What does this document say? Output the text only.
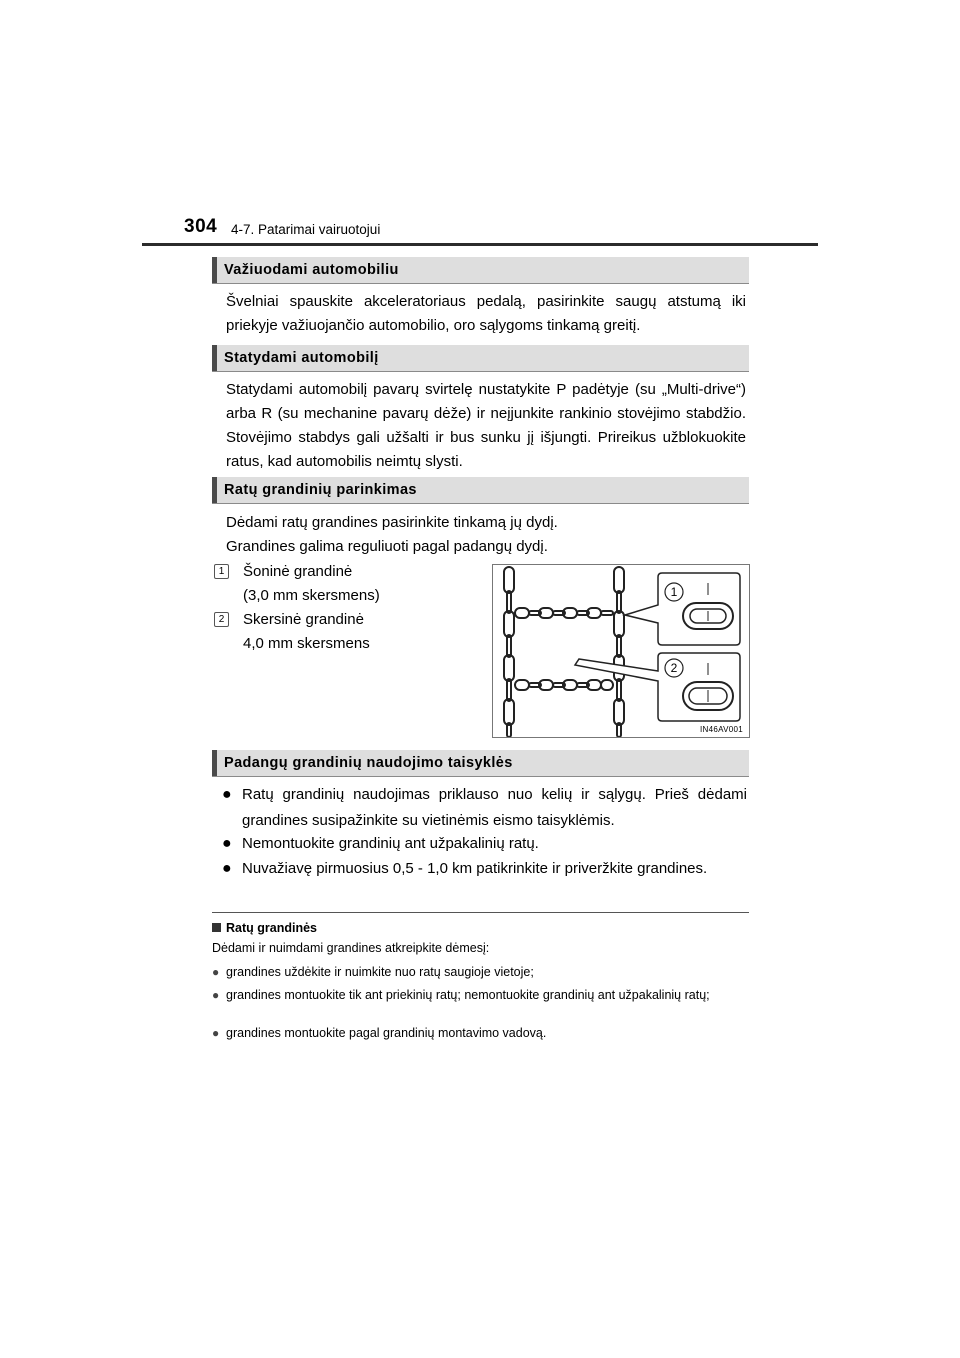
304 4-7. Patarimai vairuotojui
Važiuodami automobiliu
Švelniai spauskite akceleratoriaus pedalą, pasirinkite saugų atstumą iki priekyje važiuojančio automobilio, oro sąlygoms tinkamą greitį.
Statydami automobilį
Statydami automobilį pavarų svirtelę nustatykite P padėtyje (su „Multi-drive“) arba R (su mechanine pavarų dėže) ir neįjunkite rankinio stovėjimo stabdžio. Stovėjimo stabdys gali užšalti ir bus sunku jį išjungti. Prireikus užblokuokite ratus, kad automobilis neimtų slysti.
Ratų grandinių parinkimas
Dėdami ratų grandines pasirinkite tinkamą jų dydį.
Grandines galima reguliuoti pagal padangų dydį.
1	Šoninė grandinė
(3,0 mm skersmens)
2	Skersinė grandinė
4,0 mm skersmens
1
2
IN46AV001
Padangų grandinių naudojimo taisyklės
● Ratų grandinių naudojimas priklauso nuo kelių ir sąlygų. Prieš dėdami grandines susipažinkite su vietinėmis eismo taisyklėmis.
● Nemontuokite grandinių ant užpakalinių ratų.
● Nuvažiavę pirmuosius 0,5 - 1,0 km patikrinkite ir priveržkite grandines.
Ratų grandinės
Dėdami ir nuimdami grandines atkreipkite dėmesį:
● grandines uždėkite ir nuimkite nuo ratų saugioje vietoje;
● grandines montuokite tik ant priekinių ratų; nemontuokite grandinių ant užpakalinių ratų;
● grandines montuokite pagal grandinių montavimo vadovą.
